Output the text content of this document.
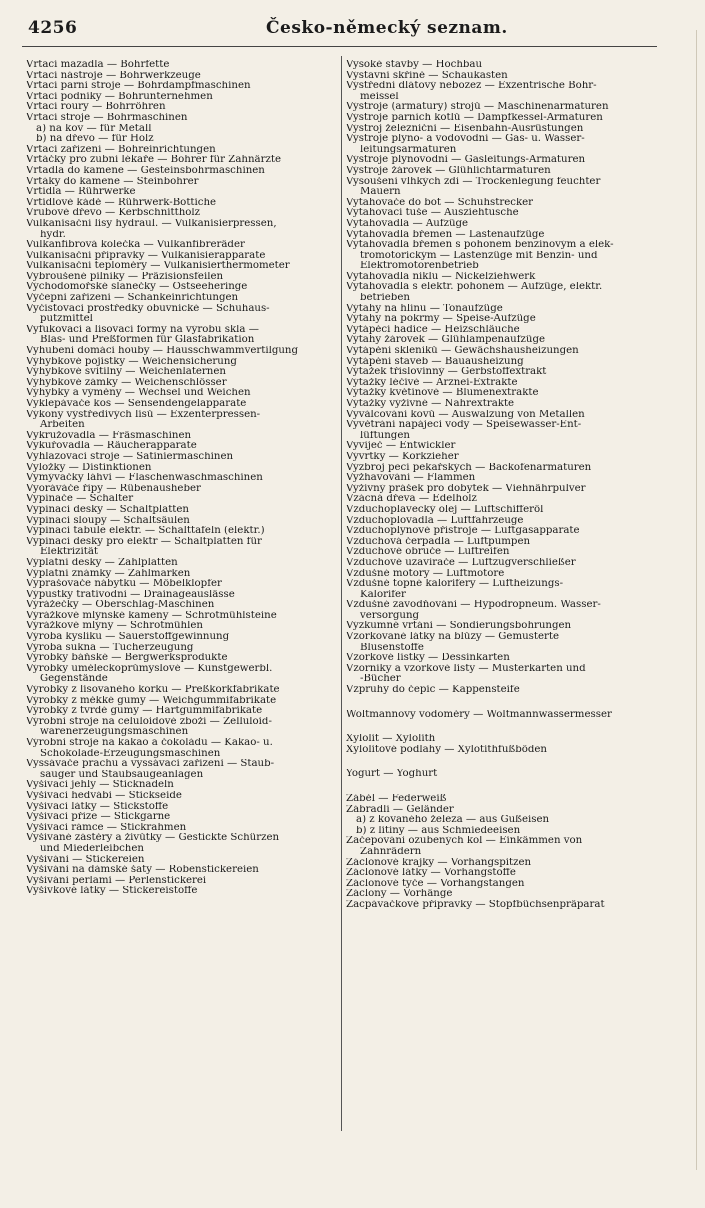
4256	Česko-německý seznam.
Vrtací mazadla — Bohrfette
Vrtací nástroje — Bohrwerkzeuge
Vrtací parní stroje — Bohrdampfmaschinen
Vrtací podniky — Bohrunternehmen
Vrtací roury — Bohrröhren
Vrtací stroje — Bohrmaschinen
a) na kov — für Metall
b) na dřevo — für Holz
Vrtací zařízení — Bohreinrichtungen
Vrtáčky pro zubní lékaře — Bohrer für Zahnärzte
Vrtadla do kamene — Gesteinsbohrmaschinen
Vrtáky do kamene — Steinbohrer
Vrtidla — Rührwerke
Vrtidlové kádě — Rührwerk-Bottiche
Vrubové dřevo — Kerbschnittholz
Vulkanisační lisy hydraul. — Vulkanisierpressen,
hydr.
Vulkanfibrová kolečka — Vulkanfibreräder
Vulkanisační přípravky — Vulkanisierapparate
Vulkanisační teploměry — Vulkanisierthermometer
Vybroušené pilníky — Präzisionsfeilen
Východomořské slanečky — Ostseeheringe
Výčepní zařízení — Schankeinrichtungen
Vyčisťovací prostředky obuvnické — Schuhaus-
putzmittel
Vyfukovací a lisovací formy na výrobu skla —
Blas- und Preßformen für Glasfabrikation
Vyhubení domácí houby — Hausschwammvertilgung
Výhybkové pojistky — Weichensicherung
Výhybkové svítilny — Weichenlaternen
Výhybkové zámky — Weichenschlösser
Výhybky a výměny — Wechsel und Weichen
Vyklepávače kos — Sensendengelapparate
Výkony výstředivých lisů — Exzenterpressen-
Arbeiten
Vykružovadla — Fräsmaschinen
Vykuřovadla — Räucherapparate
Vyhlazovací stroje — Satiniermaschinen
Vyložky — Distinktionen
Vymývačky láhví — Flaschenwaschmaschinen
Vyoráváče řípy — Rübenausheber
Vypínače — Schalter
Vypínací desky — Schaltplatten
Vypínací sloupy — Schaltsäulen
Vypínací tabule elektr. — Schalttafeln (elektr.)
Vypínací desky pro elektr — Schaltplatten für
Elektrizität
Výplatní desky — Zahlplatten
Výplatní známky — Zahlmarken
Vyprašovače nábytku — Möbelklopfer
Výpustky trativodní — Drainageauslässe
Výrážečky — Oberschlag-Maschinen
Výrážkové mlýnské kameny — Schrotmühlsteine
Výrážkové mlýny — Schrotmühlen
Výroba kyslíku — Sauerstoffgewinnung
Výroba sukna — Tucherzeugung
Výrobky báňské — Bergwerksprodukte
Výrobky uměleckoprůmyslové — Kunstgewerbl.
Gegenstände
Výrobky z lisovaného korku — Preßkorkfabrikate
Výrobky z měkké gumy — Weichgummifabrikate
Výrobky z tvrdé gumy — Hartgummifabrikate
Výrobní stroje na celuloidové zboží — Zelluloid-
warenerzeugungsmaschinen
Výrobní stroje na kakao a čokoládu — Kakao- u.
Schokolade-Erzeugungsmaschinen
Vyssávače prachu a vyssávací zařízení — Staub-
sauger und Staubsaugeanlagen
Vyšívací jehly — Sticknadeln
Vyšívací hedvábí — Stickseide
Vyšívací látky — Stickstoffe
Vyšívací příze — Stickgarne
Vyšívací rámce — Stickrahmen
Vyšívané zástěry a živůtky — Gestickte Schürzen
und Miederleibchen
Vyšívání — Stickereien
Vyšívání na dámské šaty — Robenstickereien
Vyšívání perlami — Perlenstickerei
Vyšívkové látky — Stickereistoffe
Vysoké stavby — Hochbau
Výstavní skříně — Schaukasten
Výstřední dlátový nebozez — Exzentrische Bohr-
meissel
Výstroje (armatury) strojů — Maschinenarmaturen
Výstroje parních kotlů — Dampfkessel-Armaturen
Výstroj železniční — Eisenbahn-Ausrüstungen
Výstroje plyno- a vodovodní — Gas- u. Wasser-
leitungsarmaturen
Výstroje plynovodní — Gasleitungs-Armaturen
Výstroje žárovek — Glühlichtarmaturen
Vysoušení vlhkých zdí — Trockenlegung feuchter
Mauern
Vytahovače do bot — Schuhstrecker
Vytahovací tuše — Ausziehtusche
Vytahovadla — Aufzüge
Vytahovadla břemen — Lastenaufzüge
Vytahovadla břemen s pohonem benzinovým a elek-
tromotorickým — Lastenzüge mit Benzin- und
Elektromotorenbetrieb
Vytahovadla niklu — Nickelziehwerk
Vytahovadla s elektr. pohonem — Aufzüge, elektr.
betrieben
Výtahy na hlínu — Tonaufzüge
Výtahy na pokrmy — Speise-Aufzüge
Vytápěcí hadice — Heizschläuche
Výtahy žárovek — Glühlampenaufzüge
Vytápění skleníků — Gewächshausheizungen
Vytápění staveb — Bauausheizung
Výtažek tříslovinný — Gerbstoffextrakt
Výtažky léčivé — Arznei-Extrakte
Výtažky květinové — Blumenextrakte
Výtažky výživné — Nahrextrakte
Vyválcování kovů — Auswalzung von Metallen
Vyvětrání napájecí vody — Speisewasser-Ent-
lüftungen
Vyvíječ — Entwickler
Vývrtky — Korkzieher
Výzbroj pecí pekařských — Backofenarmaturen
Vyžhavování — Flammen
Výživný prášek pro dobytek — Viehnährpulver
Vzácná dřeva — Edelholz
Vzduchoplavecký olej — Luftschifferöl
Vzduchoplovadla — Luftfahrzeuge
Vzduchoplynové přístroje — Luftgasapparate
Vzduchová čerpadla — Luftpumpen
Vzduchové obruče — Luftreifen
Vzduchové uzavírače — Luftzugverschließer
Vzdušné motory — Luftmotore
Vzdušné topné kalorifery — Luftheizungs-
Kalorifer
Vzdušné zavodňování — Hypodropneum. Wasser-
versorgung
Výzkumné vrtání — Sondierungsbohrungen
Vzorkované látky na blůzy — Gemusterte
Blusenstoffe
Vzorkové lístky — Dessinkarten
Vzorníky a vzorkové listy — Musterkarten und
-Bücher
Vzpruhy do čepic — Kappensteife
Woltmannovy vodoměry — Woltmannwassermesser
Xylolit — Xylolith
Xylolitové podlahy — Xylotithfußböden
Yogurt — Yoghurt
Záběl — Federweiß
Zábradlí — Geländer
a) z kovaného železa — aus Gußeisen
b) z litiny — aus Schmiedeeisen
Začepování ozubených kol — Einkämmen von
Zahnrädern
Záclonové krajky — Vorhangspitzen
Záclonové látky — Vorhangstoffe
Záclonové tyče — Vorhangstangen
Záclony — Vorhänge
Zacpávačkové přípravky — Stopfbüchsenpräparat
